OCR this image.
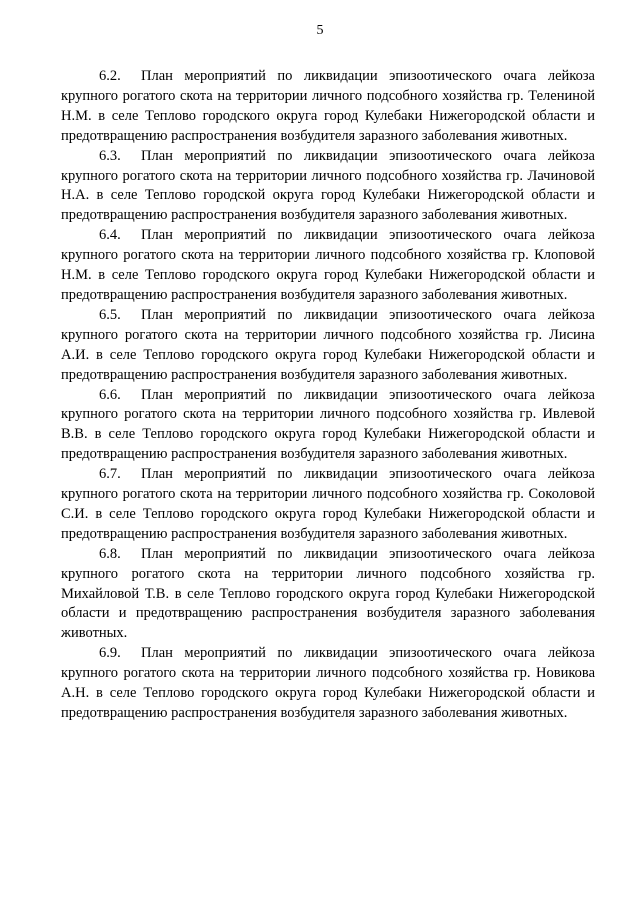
5

6.2. План мероприятий по ликвидации эпизоотического очага лейкоза крупного рогатого скота на территории личного подсобного хозяйства гр. Телениной Н.М. в селе Теплово городского округа город Кулебаки Нижегородской области и предотвращению распространения возбудителя заразного заболевания животных.

6.3. План мероприятий по ликвидации эпизоотического очага лейкоза крупного рогатого скота на территории личного подсобного хозяйства гр. Лачиновой Н.А. в селе Теплово городской округа город Кулебаки Нижегородской области и предотвращению распространения возбудителя заразного заболевания животных.

6.4. План мероприятий по ликвидации эпизоотического очага лейкоза крупного рогатого скота на территории личного подсобного хозяйства гр. Клоповой Н.М. в селе Теплово городского округа город Кулебаки Нижегородской области и предотвращению распространения возбудителя заразного заболевания животных.

6.5. План мероприятий по ликвидации эпизоотического очага лейкоза крупного рогатого скота на территории личного подсобного хозяйства гр. Лисина А.И. в селе Теплово городского округа город Кулебаки Нижегородской области и предотвращению распространения возбудителя заразного заболевания животных.

6.6. План мероприятий по ликвидации эпизоотического очага лейкоза крупного рогатого скота на территории личного подсобного хозяйства гр. Ивлевой В.В. в селе Теплово городского округа город Кулебаки Нижегородской области и предотвращению распространения возбудителя заразного заболевания животных.

6.7. План мероприятий по ликвидации эпизоотического очага лейкоза крупного рогатого скота на территории личного подсобного хозяйства гр. Соколовой С.И. в селе Теплово городского округа город Кулебаки Нижегородской области и предотвращению распространения возбудителя заразного заболевания животных.

6.8. План мероприятий по ликвидации эпизоотического очага лейкоза крупного рогатого скота на территории личного подсобного хозяйства гр. Михайловой Т.В. в селе Теплово городского округа город Кулебаки Нижегородской области и предотвращению распространения возбудителя заразного заболевания животных.

6.9. План мероприятий по ликвидации эпизоотического очага лейкоза крупного рогатого скота на территории личного подсобного хозяйства гр. Новикова А.Н. в селе Теплово городского округа город Кулебаки Нижегородской области и предотвращению распространения возбудителя заразного заболевания животных.
